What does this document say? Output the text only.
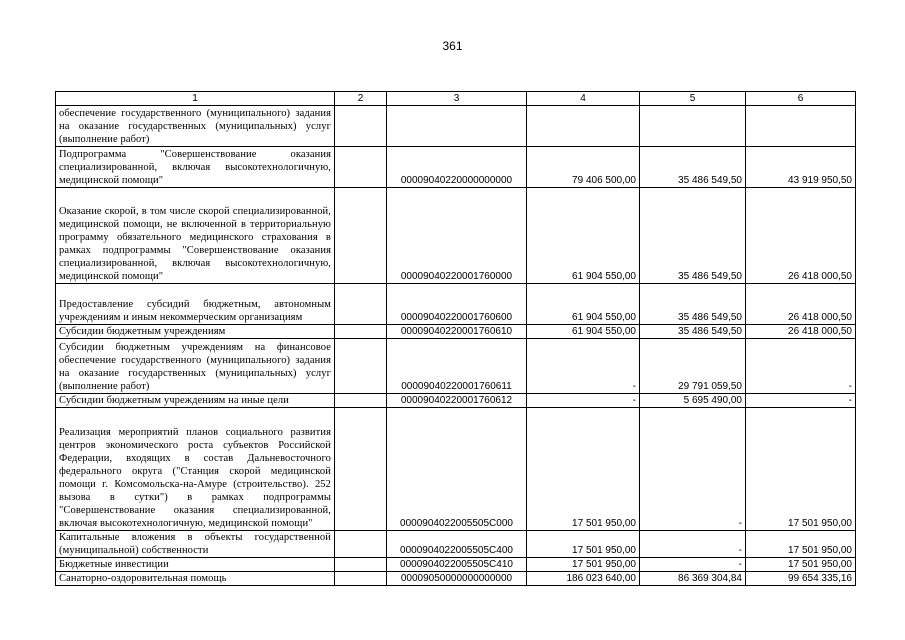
361
1	2	3	4	5	6
обеспечение государственного (муниципального) задания на оказание государственных (муниципальных) услуг (выполнение работ)					
Подпрограмма "Совершенствование оказания специализированной, включая высокотехнологичную, медицинской помощи"		00009040220000000000	79 406 500,00	35 486 549,50	43 919 950,50
Оказание скорой, в том числе скорой специализированной, медицинской помощи, не включенной в территориальную программу обязательного медицинского страхования в рамках подпрограммы "Совершенствование оказания специализированной, включая высокотехнологичную, медицинской помощи"		00009040220001760000	61 904 550,00	35 486 549,50	26 418 000,50
Предоставление субсидий бюджетным, автономным учреждениям и иным некоммерческим организациям		00009040220001760600	61 904 550,00	35 486 549,50	26 418 000,50
Субсидии бюджетным учреждениям		00009040220001760610	61 904 550,00	35 486 549,50	26 418 000,50
Субсидии бюджетным учреждениям на финансовое обеспечение государственного (муниципального) задания на оказание государственных (муниципальных) услуг (выполнение работ)		00009040220001760611	-	29 791 059,50	-
Субсидии бюджетным учреждениям на иные цели		00009040220001760612	-	5 695 490,00	-
Реализация мероприятий планов социального развития центров экономического роста субъектов Российской Федерации, входящих в состав Дальневосточного федерального округа ("Станция скорой медицинской помощи г. Комсомольска-на-Амуре (строительство). 252 вызова в сутки") в рамках подпрограммы "Совершенствование оказания специализированной, включая высокотехнологичную, медицинской помощи"		0000904022005505С000	17 501 950,00	-	17 501 950,00
Капитальные вложения в объекты государственной (муниципальной) собственности		0000904022005505С400	17 501 950,00	-	17 501 950,00
Бюджетные инвестиции		0000904022005505С410	17 501 950,00	-	17 501 950,00
Санаторно-оздоровительная помощь		00009050000000000000	186 023 640,00	86 369 304,84	99 654 335,16
